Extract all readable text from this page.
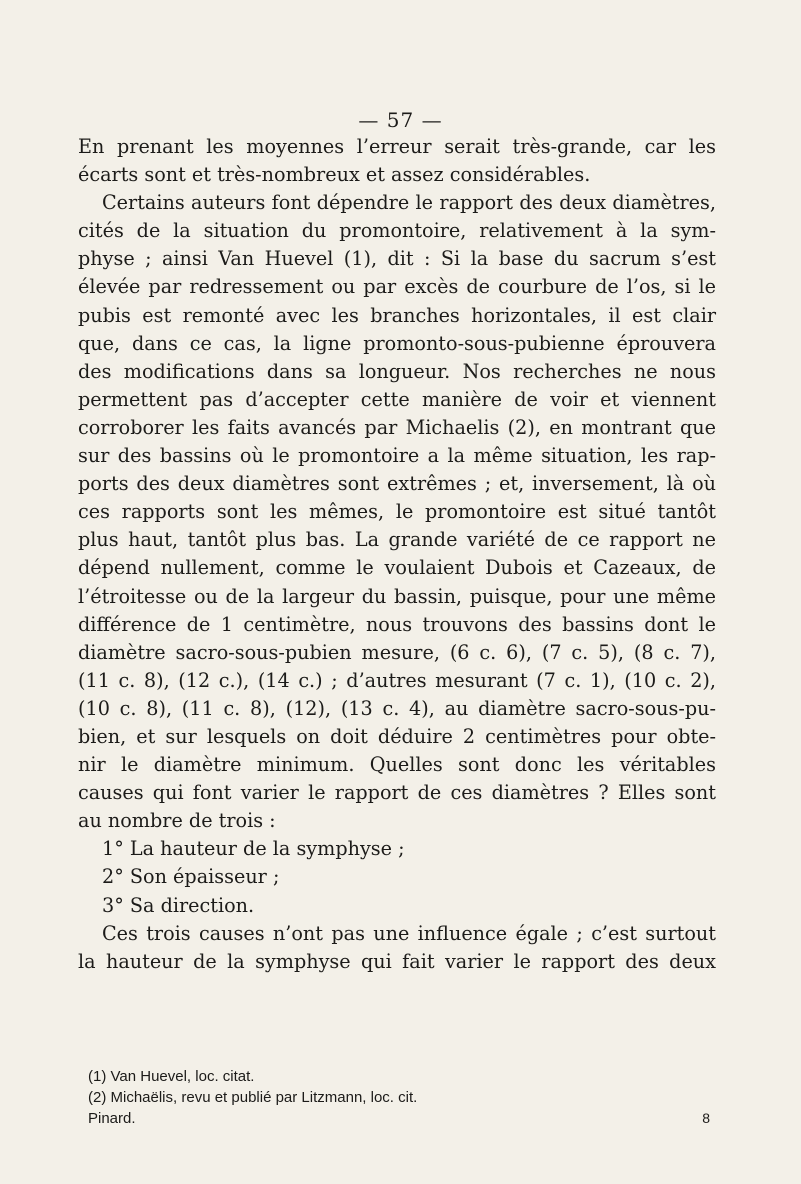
— 57 —
En prenant les moyennes l’erreur serait très-grande, car les
écarts sont et très-nombreux et assez considérables.
Certains auteurs font dépendre le rapport des deux diamètres,
cités de la situation du promontoire, relativement à la sym-
physe ; ainsi Van Huevel (1), dit : Si la base du sacrum s’est
élevée par redressement ou par excès de courbure de l’os, si le
pubis est remonté avec les branches horizontales, il est clair
que, dans ce cas, la ligne promonto-sous-pubienne éprouvera
des modifications dans sa longueur. Nos recherches ne nous
permettent pas d’accepter cette manière de voir et viennent
corroborer les faits avancés par Michaelis (2), en montrant que
sur des bassins où le promontoire a la même situation, les rap-
ports des deux diamètres sont extrêmes ; et, inversement, là où
ces rapports sont les mêmes, le promontoire est situé tantôt
plus haut, tantôt plus bas. La grande variété de ce rapport ne
dépend nullement, comme le voulaient Dubois et Cazeaux, de
l’étroitesse ou de la largeur du bassin, puisque, pour une même
différence de 1 centimètre, nous trouvons des bassins dont le
diamètre sacro-sous-pubien mesure, (6 c. 6), (7 c. 5), (8 c. 7),
(11 c. 8), (12 c.), (14 c.) ; d’autres mesurant (7 c. 1), (10 c. 2),
(10 c. 8), (11 c. 8), (12), (13 c. 4), au diamètre sacro-sous-pu-
bien, et sur lesquels on doit déduire 2 centimètres pour obte-
nir le diamètre minimum. Quelles sont donc les véritables
causes qui font varier le rapport de ces diamètres ? Elles sont
au nombre de trois :
1° La hauteur de la symphyse ;
2° Son épaisseur ;
3° Sa direction.
Ces trois causes n’ont pas une influence égale ; c’est surtout
la hauteur de la symphyse qui fait varier le rapport des deux
(1) Van Huevel, loc. citat.
(2) Michaëlis, revu et publié par Litzmann, loc. cit.
Pinard.	8
